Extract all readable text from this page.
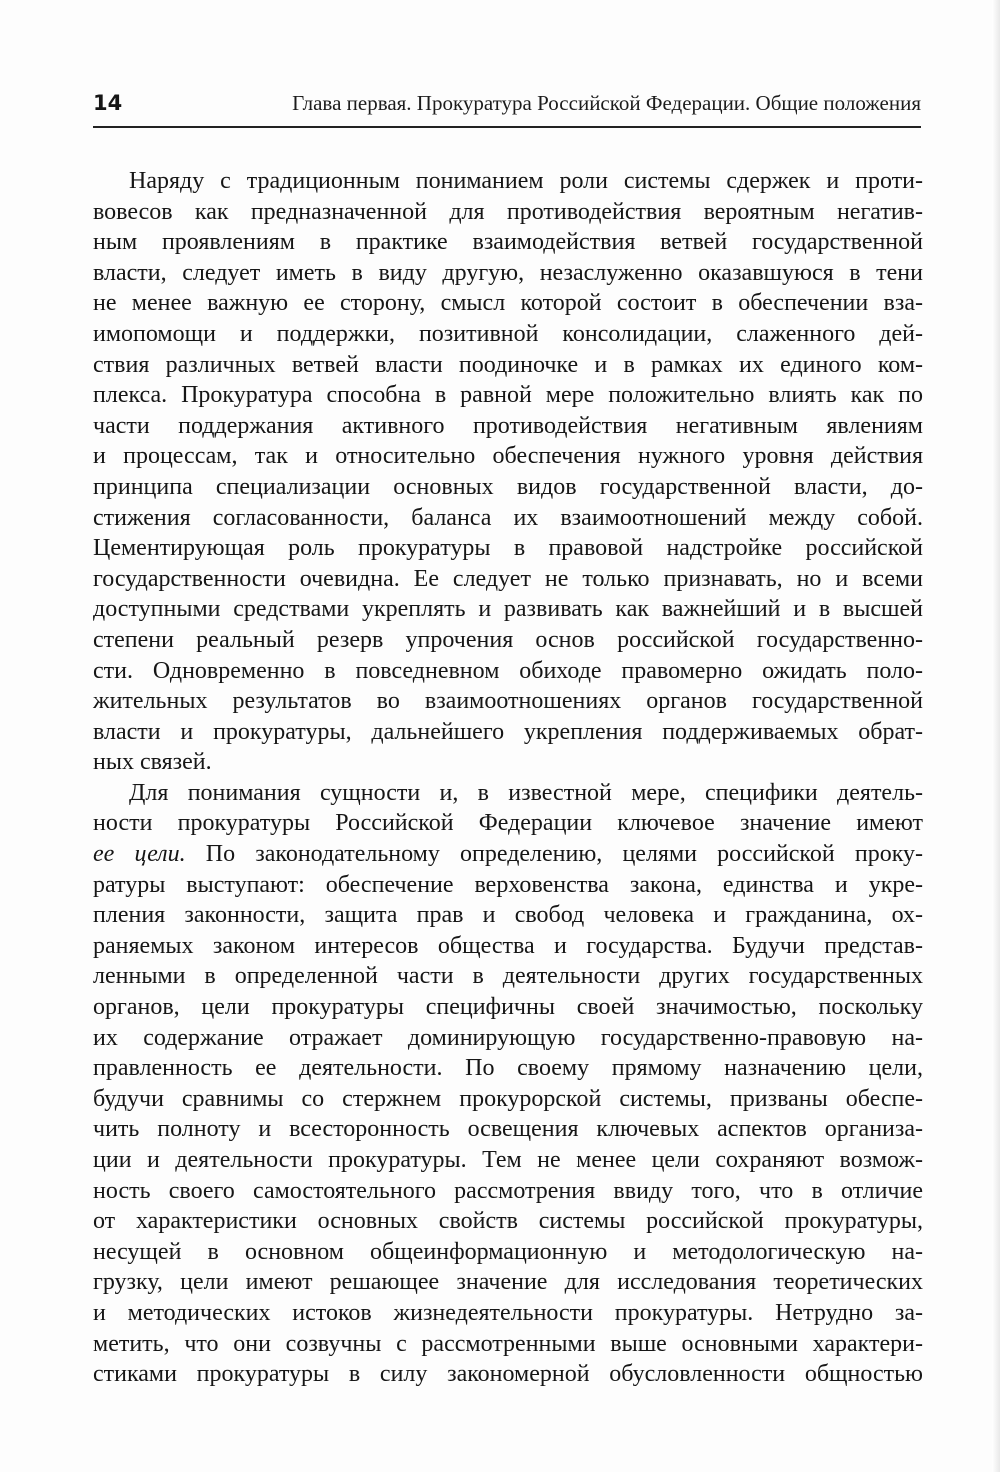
14	Глава первая. Прокуратура Российской Федерации. Общие положения
Наряду с традиционным пониманием роли системы сдержек и проти-
вовесов как предназначенной для противодействия вероятным негатив-
ным проявлениям в практике взаимодействия ветвей государственной
власти, следует иметь в виду другую, незаслуженно оказавшуюся в тени
не менее важную ее сторону, смысл которой состоит в обеспечении вза-
имопомощи и поддержки, позитивной консолидации, слаженного дей-
ствия различных ветвей власти поодиночке и в рамках их единого ком-
плекса. Прокуратура способна в равной мере положительно влиять как по
части поддержания активного противодействия негативным явлениям
и процессам, так и относительно обеспечения нужного уровня действия
принципа специализации основных видов государственной власти, до-
стижения согласованности, баланса их взаимоотношений между собой.
Цементирующая роль прокуратуры в правовой надстройке российской
государственности очевидна. Ее следует не только признавать, но и всеми
доступными средствами укреплять и развивать как важнейший и в высшей
степени реальный резерв упрочения основ российской государственно-
сти. Одновременно в повседневном обиходе правомерно ожидать поло-
жительных результатов во взаимоотношениях органов государственной
власти и прокуратуры, дальнейшего укрепления поддерживаемых обрат-
ных связей.
Для понимания сущности и, в известной мере, специфики деятель-
ности прокуратуры Российской Федерации ключевое значение имеют
ее цели. По законодательному определению, целями российской проку-
ратуры выступают: обеспечение верховенства закона, единства и укре-
пления законности, защита прав и свобод человека и гражданина, ох-
раняемых законом интересов общества и государства. Будучи представ-
ленными в определенной части в деятельности других государственных
органов, цели прокуратуры специфичны своей значимостью, поскольку
их содержание отражает доминирующую государственно-правовую на-
правленность ее деятельности. По своему прямому назначению цели,
будучи сравнимы со стержнем прокурорской системы, призваны обеспе-
чить полноту и всесторонность освещения ключевых аспектов организа-
ции и деятельности прокуратуры. Тем не менее цели сохраняют возмож-
ность своего самостоятельного рассмотрения ввиду того, что в отличие
от характеристики основных свойств системы российской прокуратуры,
несущей в основном общеинформационную и методологическую на-
грузку, цели имеют решающее значение для исследования теоретических
и методических истоков жизнедеятельности прокуратуры. Нетрудно за-
метить, что они созвучны с рассмотренными выше основными характери-
стиками прокуратуры в силу закономерной обусловленности общностью
